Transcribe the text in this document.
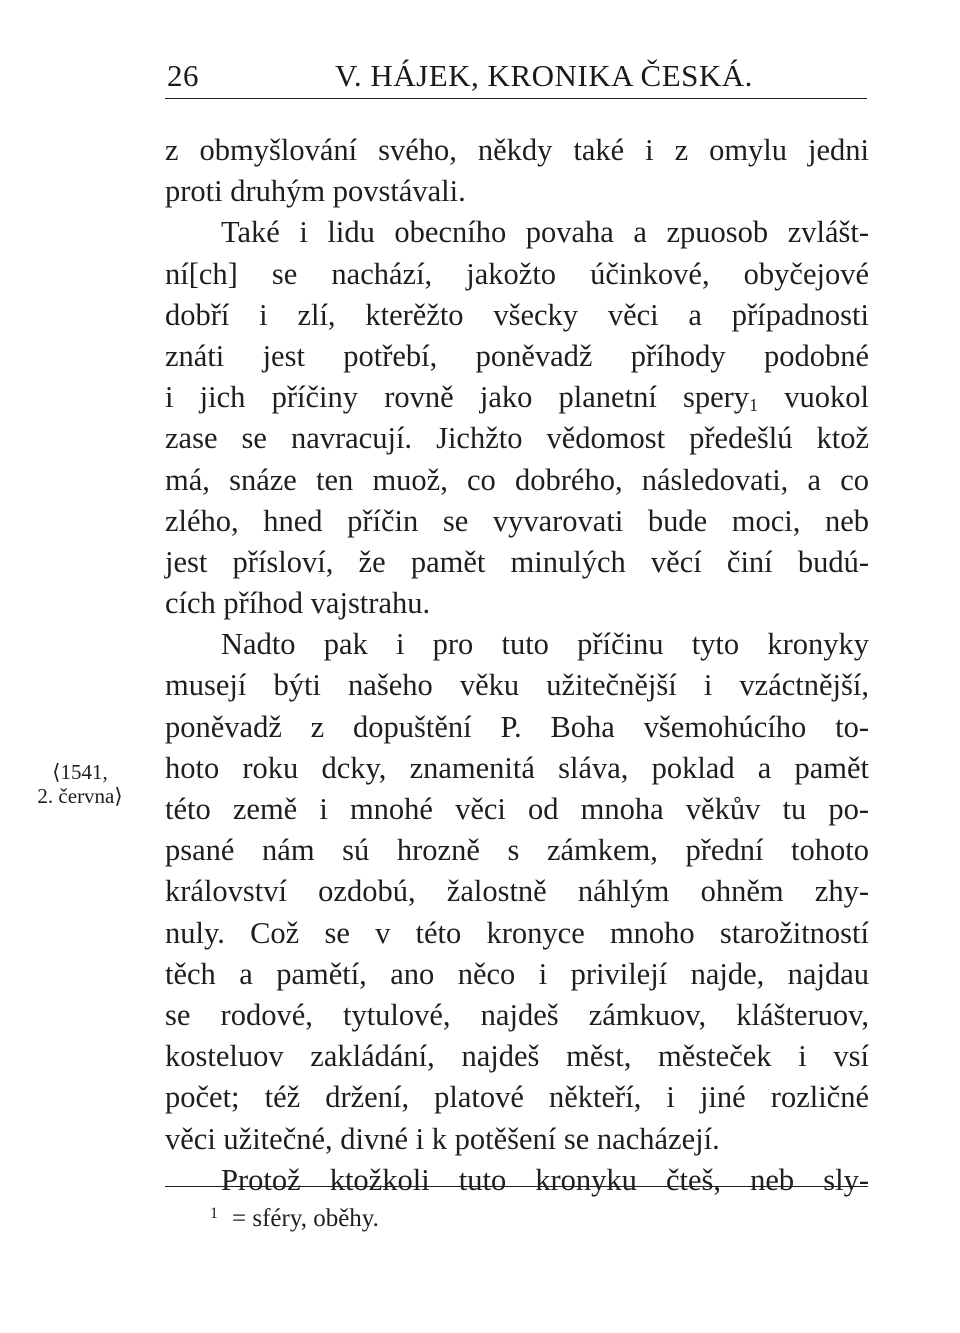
26	V. HÁJEK, KRONIKA ČESKÁ.
z obmyšlování svého, někdy také i z omylu jedni
proti druhým povstávali.
Také i lidu obecního povaha a zpuosob zvlášt-
ní[ch] se nachází, jakožto účinkové, obyčejové
dobří i zlí, kterěžto všecky věci a případnosti
znáti jest potřebí, poněvadž příhody podobné
i jich příčiny rovně jako planetní spery$_1$ vuokol
zase se navracují. Jichžto vědomost předešlú ktož
má, snáze ten muož, co dobrého, následovati, a co
zlého, hned příčin se vyvarovati bude moci, neb
jest přísloví, že pamět minulých věcí činí budú-
cích příhod vajstrahu.
Nadto pak i pro tuto příčinu tyto kronyky
musejí býti našeho věku užitečnější i vzáctnější,
poněvadž z dopuštění P. Boha všemohúcího to-
hoto roku dcky, znamenitá sláva, poklad a pamět
této země i mnohé věci od mnoha věkův tu po-
psané nám sú hrozně s zámkem, přední tohoto
království ozdobú, žalostně náhlým ohněm zhy-
nuly. Což se v této kronyce mnoho starožitností
těch a pamětí, ano něco i privilejí najde, najdau
se rodové, tytulové, najdeš zámkuov, klášteruov,
kosteluov zakládání, najdeš měst, městeček i vsí
počet; též držení, platové někteří, i jiné rozličné
věci užitečné, divné i k potěšení se nacházejí.
Protož ktožkoli tuto kronyku čteš, neb sly-
⟨1541,
2. června⟩
$^1$ = sféry, oběhy.
